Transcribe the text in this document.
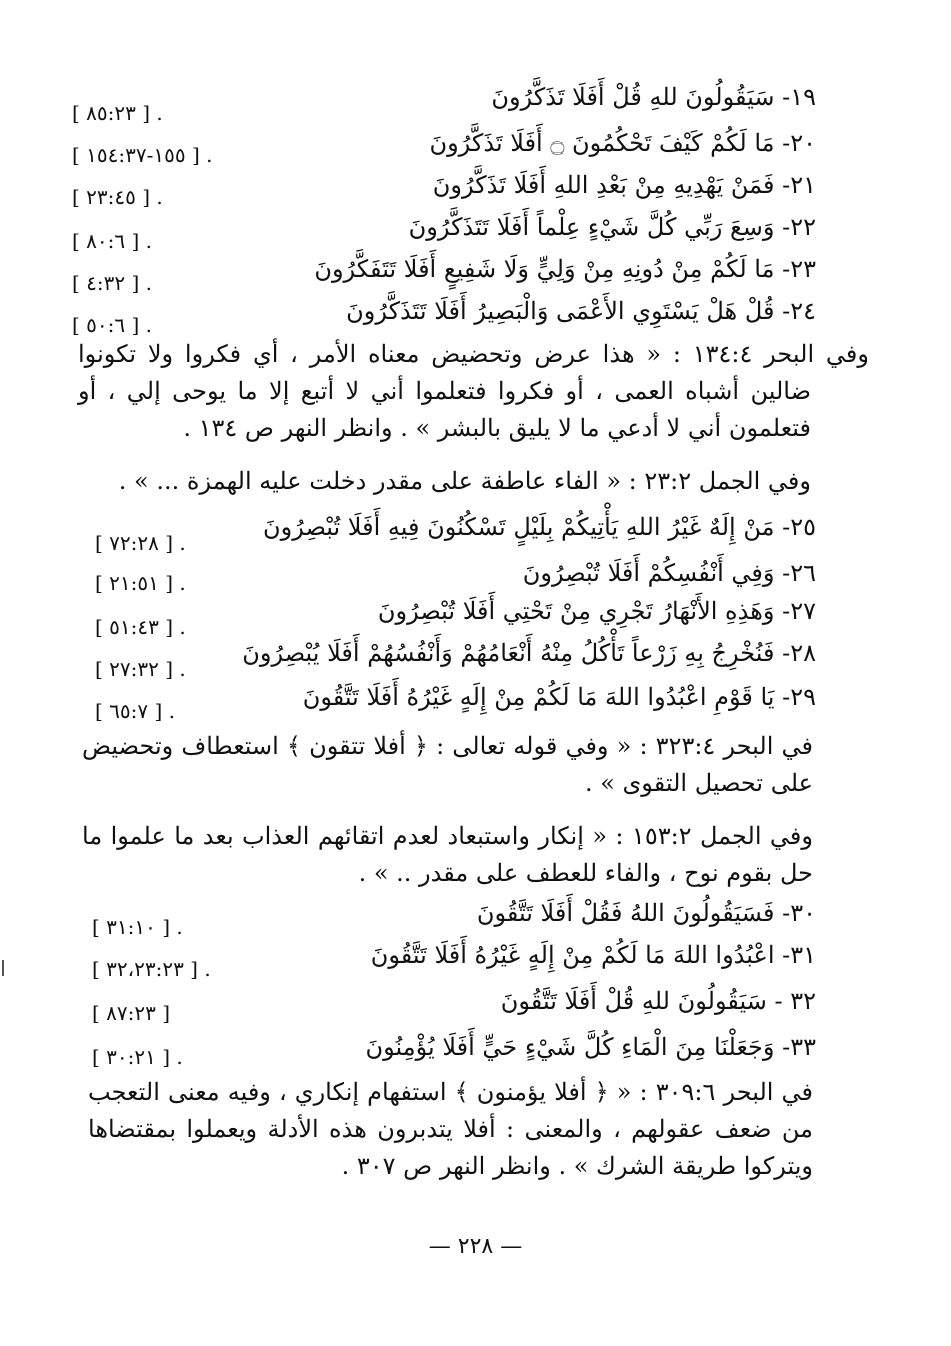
١٩- سَيَقُولُونَ للهِ قُلْ أَفَلَا تَذَكَّرُونَ
. [ ٨٥:٢٣ ]
٢٠- مَا لَكُمْ كَيْفَ تَحْكُمُونَ ۝ أَفَلَا تَذَكَّرُونَ
. [ ١٥٥-١٥٤:٣٧ ]
٢١- فَمَنْ يَهْدِيهِ مِنْ بَعْدِ اللهِ أَفَلَا تَذَكَّرُونَ
. [ ٢٣:٤٥ ]
٢٢- وَسِعَ رَبِّي كُلَّ شَيْءٍ عِلْماً أَفَلَا تَتَذَكَّرُونَ
. [ ٨٠:٦ ]
٢٣- مَا لَكُمْ مِنْ دُونِهِ مِنْ وَلِيٍّ وَلَا شَفِيعٍ أَفَلَا تَتَفَكَّرُونَ
. [ ٤:٣٢ ]
٢٤- قُلْ هَلْ يَسْتَوِي الأَعْمَى وَالْبَصِيرُ أَفَلَا تَتَذَكَّرُونَ
. [ ٥٠:٦ ]
وفي البحر ١٣٤:٤ : « هذا عرض وتحضيض معناه الأمر ، أي فكروا ولا تكونوا ضالين أشباه العمى ، أو فكروا فتعلموا أني لا أتبع إلا ما يوحى إلي ، أو فتعلمون أني لا أدعي ما لا يليق بالبشر » . وانظر النهر ص ١٣٤ .
وفي الجمل ٢٣:٢ : « الفاء عاطفة على مقدر دخلت عليه الهمزة ... » .
٢٥- مَنْ إِلَهٌ غَيْرُ اللهِ يَأْتِيكُمْ بِلَيْلٍ تَسْكُنُونَ فِيهِ أَفَلَا تُبْصِرُونَ
. [ ٧٢:٢٨ ]
٢٦- وَفِي أَنْفُسِكُمْ أَفَلَا تُبْصِرُونَ
. [ ٢١:٥١ ]
٢٧- وَهَذِهِ الأَنْهَارُ تَجْرِي مِنْ تَحْتِي أَفَلَا تُبْصِرُونَ
. [ ٥١:٤٣ ]
٢٨- فَنُخْرِجُ بِهِ زَرْعاً تَأْكُلُ مِنْهُ أَنْعَامُهُمْ وَأَنْفُسُهُمْ أَفَلَا يُبْصِرُونَ
. [ ٢٧:٣٢ ]
٢٩- يَا قَوْمِ اعْبُدُوا اللهَ مَا لَكُمْ مِنْ إِلَهٍ غَيْرُهُ أَفَلَا تَتَّقُونَ
. [ ٦٥:٧ ]
في البحر ٣٢٣:٤ : « وفي قوله تعالى : ﴿ أفلا تتقون ﴾ استعطاف وتحضيض على تحصيل التقوى » .
وفي الجمل ١٥٣:٢ : « إنكار واستبعاد لعدم اتقائهم العذاب بعد ما علموا ما حل بقوم نوح ، والفاء للعطف على مقدر .. » .
٣٠- فَسَيَقُولُونَ اللهُ فَقُلْ أَفَلَا تَتَّقُونَ
. [ ٣١:١٠ ]
٣١- اعْبُدُوا اللهَ مَا لَكُمْ مِنْ إِلَهٍ غَيْرُهُ أَفَلَا تَتَّقُونَ
. [ ٣٢،٢٣:٢٣ ]
٣٢ - سَيَقُولُونَ للهِ قُلْ أَفَلَا تَتَّقُونَ
[ ٨٧:٢٣ ]
٣٣- وَجَعَلْنَا مِنَ الْمَاءِ كُلَّ شَيْءٍ حَيٍّ أَفَلَا يُؤْمِنُونَ
. [ ٣٠:٢١ ]
في البحر ٣٠٩:٦ : « ﴿ أفلا يؤمنون ﴾ استفهام إنكاري ، وفيه معنى التعجب من ضعف عقولهم ، والمعنى : أفلا يتدبرون هذه الأدلة ويعملوا بمقتضاها ويتركوا طريقة الشرك » . وانظر النهر ص ٣٠٧ .
— ٢٢٨ —
